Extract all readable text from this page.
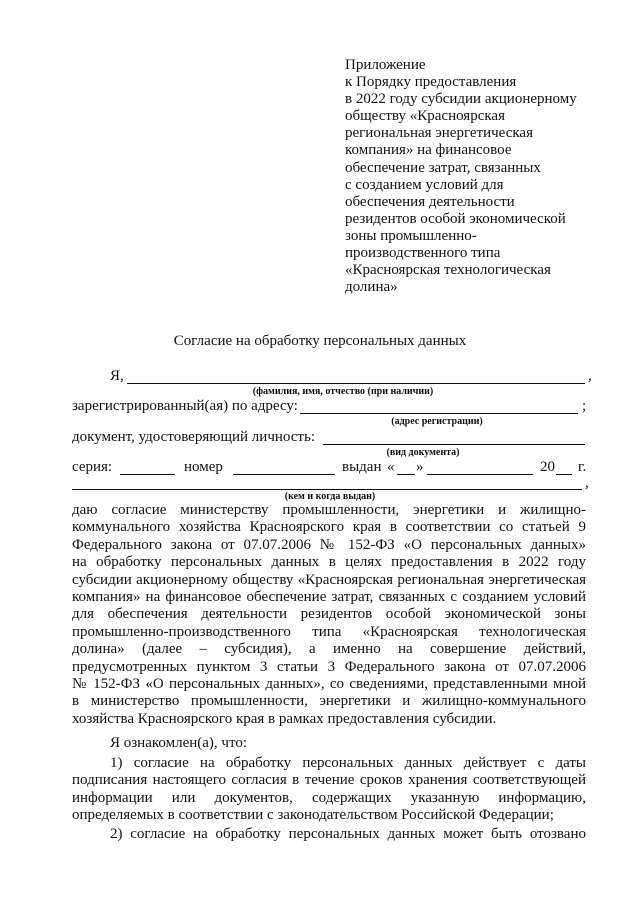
Приложение
к Порядку предоставления
в 2022 году субсидии акционерному
обществу «Красноярская
региональная энергетическая
компания» на финансовое
обеспечение затрат, связанных
с созданием условий для
обеспечения деятельности
резидентов особой экономической
зоны промышленно-
производственного типа
«Красноярская технологическая
долина»
Согласие на обработку персональных данных
Я,	,
(фамилия, имя, отчество (при наличии)
зарегистрированный(ая) по адресу:	;
(адрес регистрации)
документ, удостоверяющий личность:
(вид документа)
серия:	номер	выдан « »	20 г.
,
(кем и когда выдан)
даю согласие министерству промышленности, энергетики и жилищно-
коммунального хозяйства Красноярского края в соответствии со статьей 9
Федерального закона от 07.07.2006 № 152-ФЗ «О персональных данных»
на обработку персональных данных в целях предоставления в 2022 году
субсидии акционерному обществу «Красноярская региональная энергетическая
компания» на финансовое обеспечение затрат, связанных с созданием условий
для обеспечения деятельности резидентов особой экономической зоны
промышленно-производственного типа «Красноярская технологическая
долина» (далее – субсидия), а именно на совершение действий,
предусмотренных пунктом 3 статьи 3 Федерального закона от 07.07.2006
№ 152-ФЗ «О персональных данных», со сведениями, представленными мной
в министерство промышленности, энергетики и жилищно-коммунального
хозяйства Красноярского края в рамках предоставления субсидии.
Я ознакомлен(а), что:
1) согласие на обработку персональных данных действует с даты
подписания настоящего согласия в течение сроков хранения соответствующей
информации или документов, содержащих указанную информацию,
определяемых в соответствии с законодательством Российской Федерации;
2) согласие на обработку персональных данных может быть отозвано
